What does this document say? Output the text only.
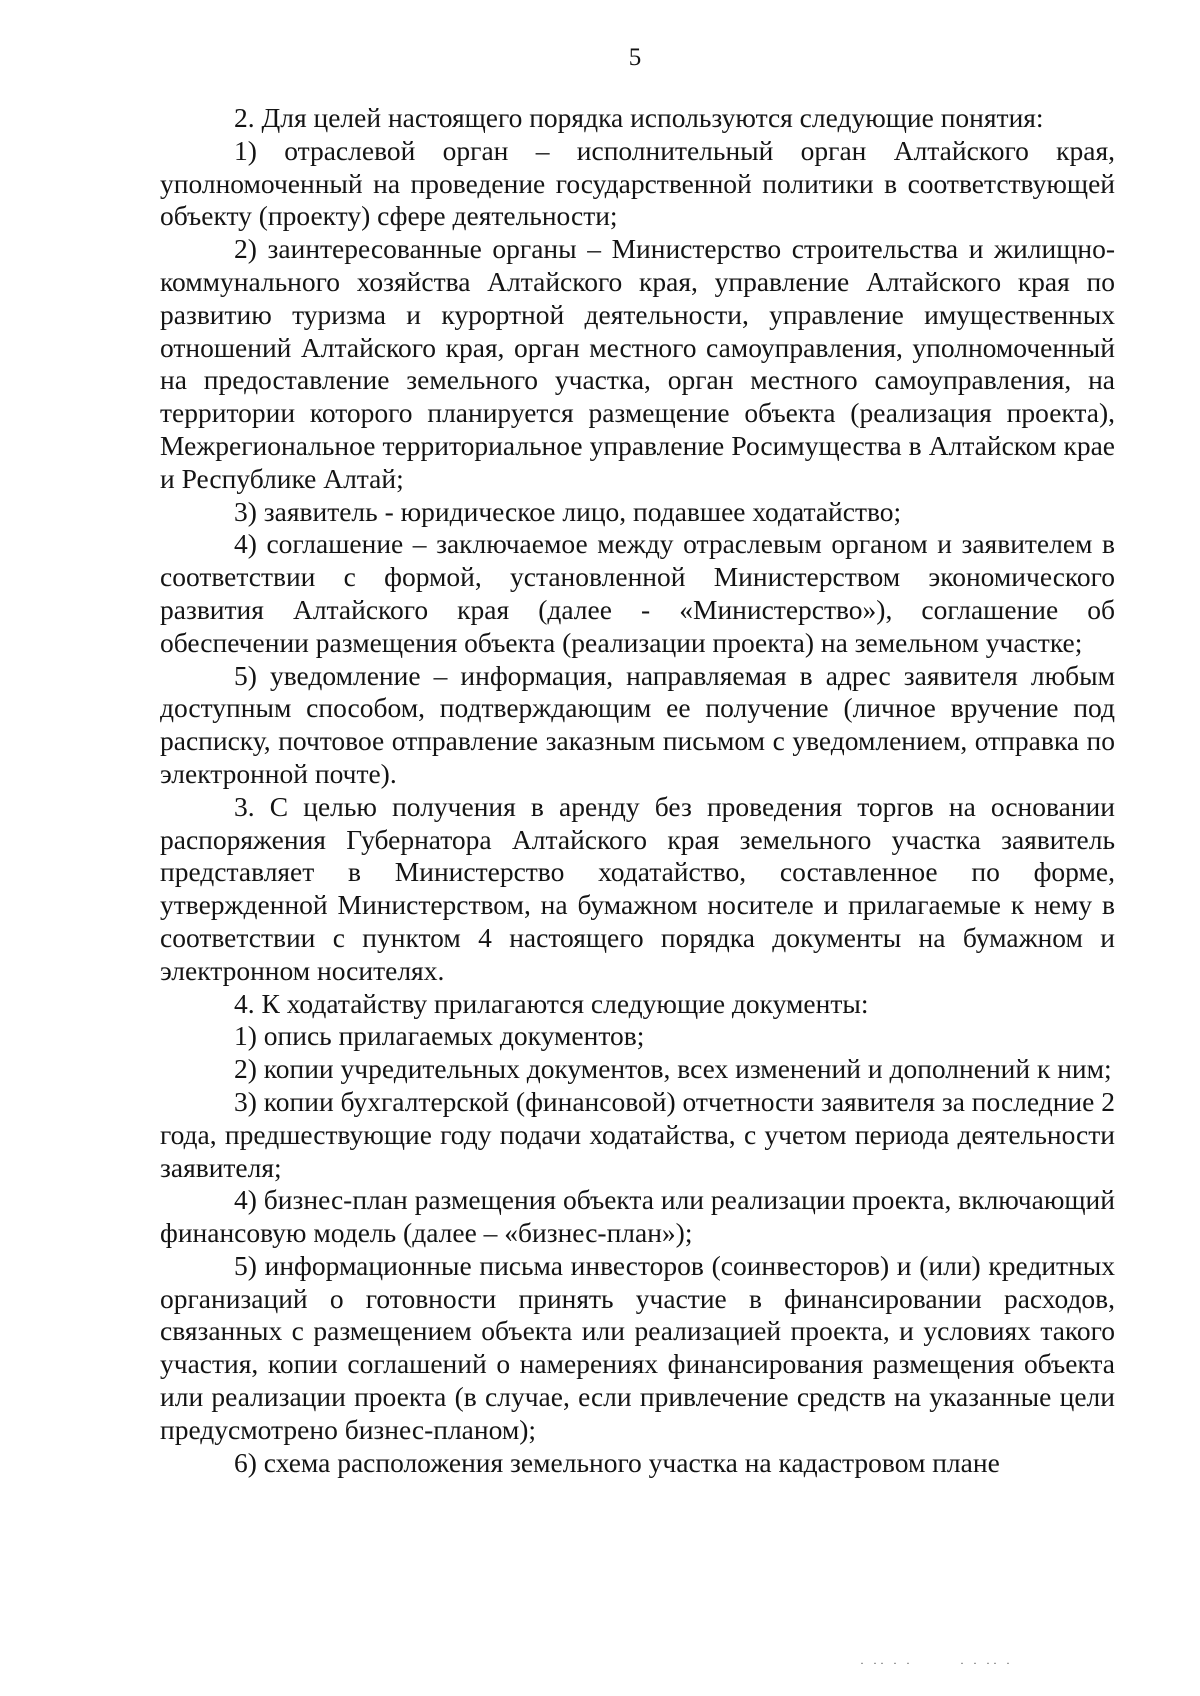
5

2. Для целей настоящего порядка используются следующие понятия:

1) отраслевой орган – исполнительный орган Алтайского края, уполномоченный на проведение государственной политики в соответствующей объекту (проекту) сфере деятельности;

2) заинтересованные органы – Министерство строительства и жилищно-коммунального хозяйства Алтайского края, управление Алтайского края по развитию туризма и курортной деятельности, управление имущественных отношений Алтайского края, орган местного самоуправления, уполномоченный на предоставление земельного участка, орган местного самоуправления, на территории которого планируется размещение объекта (реализация проекта), Межрегиональное территориальное управление Росимущества в Алтайском крае и Республике Алтай;

3) заявитель - юридическое лицо, подавшее ходатайство;

4) соглашение – заключаемое между отраслевым органом и заявителем в соответствии с формой, установленной Министерством экономического развития Алтайского края (далее - «Министерство»), соглашение об обеспечении размещения объекта (реализации проекта) на земельном участке;

5) уведомление – информация, направляемая в адрес заявителя любым доступным способом, подтверждающим ее получение (личное вручение под расписку, почтовое отправление заказным письмом с уведомлением, отправка по электронной почте).

3. С целью получения в аренду без проведения торгов на основании распоряжения Губернатора Алтайского края земельного участка заявитель представляет в Министерство ходатайство, составленное по форме, утвержденной Министерством, на бумажном носителе и прилагаемые к нему в соответствии с пунктом 4 настоящего порядка документы на бумажном и электронном носителях.

4. К ходатайству прилагаются следующие документы:

1) опись прилагаемых документов;

2) копии учредительных документов, всех изменений и дополнений к ним;

3) копии бухгалтерской (финансовой) отчетности заявителя за последние 2 года, предшествующие году подачи ходатайства, с учетом периода деятельности заявителя;

4) бизнес-план размещения объекта или реализации проекта, включающий финансовую модель (далее – «бизнес-план»);

5) информационные письма инвесторов (соинвесторов) и (или) кредитных организаций о готовности принять участие в финансировании расходов, связанных с размещением объекта или реализацией проекта, и условиях такого участия, копии соглашений о намерениях финансирования размещения объекта или реализации проекта (в случае, если привлечение средств на указанные цели предусмотрено бизнес-планом);

6) схема расположения земельного участка на кадастровом плане

· ·· · ·	· · ·· ·
